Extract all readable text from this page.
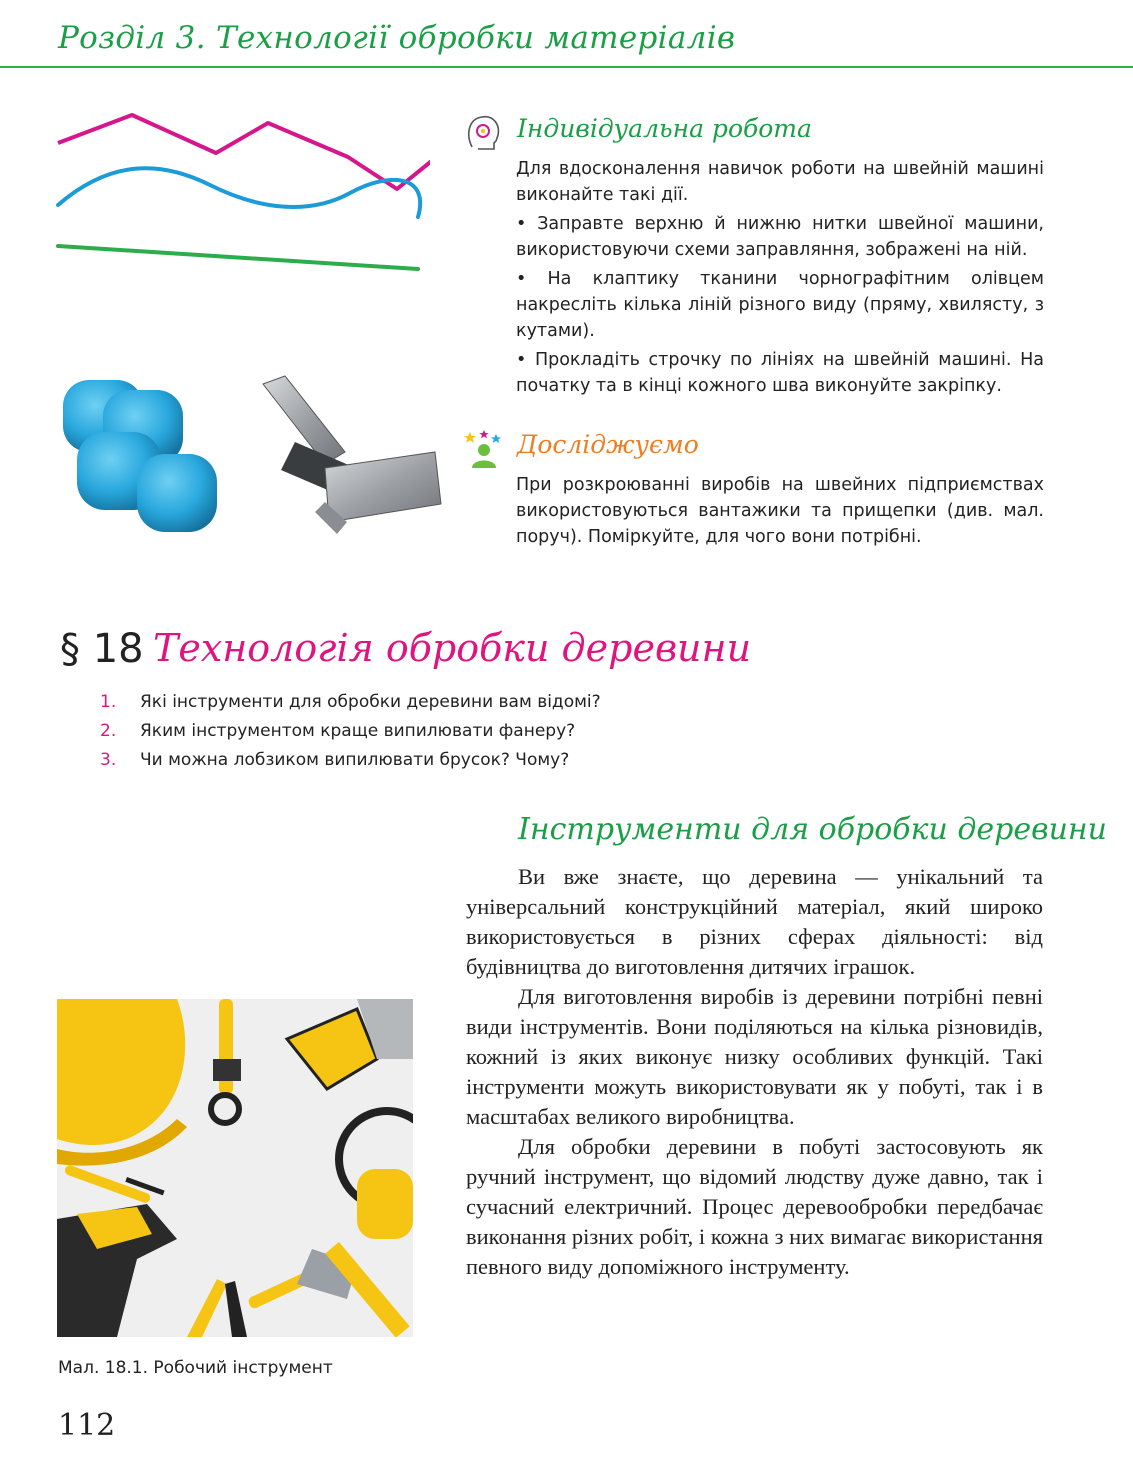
Розділ 3. Технології обробки матеріалів
Індивідуальна робота

Для вдосконалення навичок роботи на швейній машині виконайте такі дії.

• Заправте верхню й нижню нитки швейної машини, використовуючи схеми заправляння, зображені на ній.

• На клаптику тканини чорнографітним олівцем накресліть кілька ліній різного виду (пряму, хвилясту, з кутами).

• Прокладіть строчку по лініях на швейній машині. На початку та в кінці кожного шва виконуйте закріпку.

Досліджуємо
При розкроюванні виробів на швейних підприємствах використовуються вантажики та прищепки (див. мал. поруч). Поміркуйте, для чого вони потрібні.
§ 18 Технологія обробки деревини
1.	Які інструменти для обробки деревини вам відомі?
2.	Яким інструментом краще випилювати фанеру?
3.	Чи можна лобзиком випилювати брусок? Чому?
Інструменти для обробки деревини

Ви вже знаєте, що деревина — унікальний та універсальний конструкційний матеріал, який широко використовується в різних сферах діяльності: від будівництва до виготовлення дитячих іграшок.

Для виготовлення виробів із деревини потрібні певні види інструментів. Вони поділяються на кілька різновидів, кожний із яких виконує низку особливих функцій. Такі інструменти можуть використовувати як у побуті, так і в масштабах великого виробництва.

Для обробки деревини в побуті застосовують як ручний інструмент, що відомий людству дуже давно, так і сучасний електричний. Процес деревообробки передбачає виконання різних робіт, і кожна з них вимагає використання певного виду допоміжного інструменту.

Мал. 18.1. Робочий інструмент
112
